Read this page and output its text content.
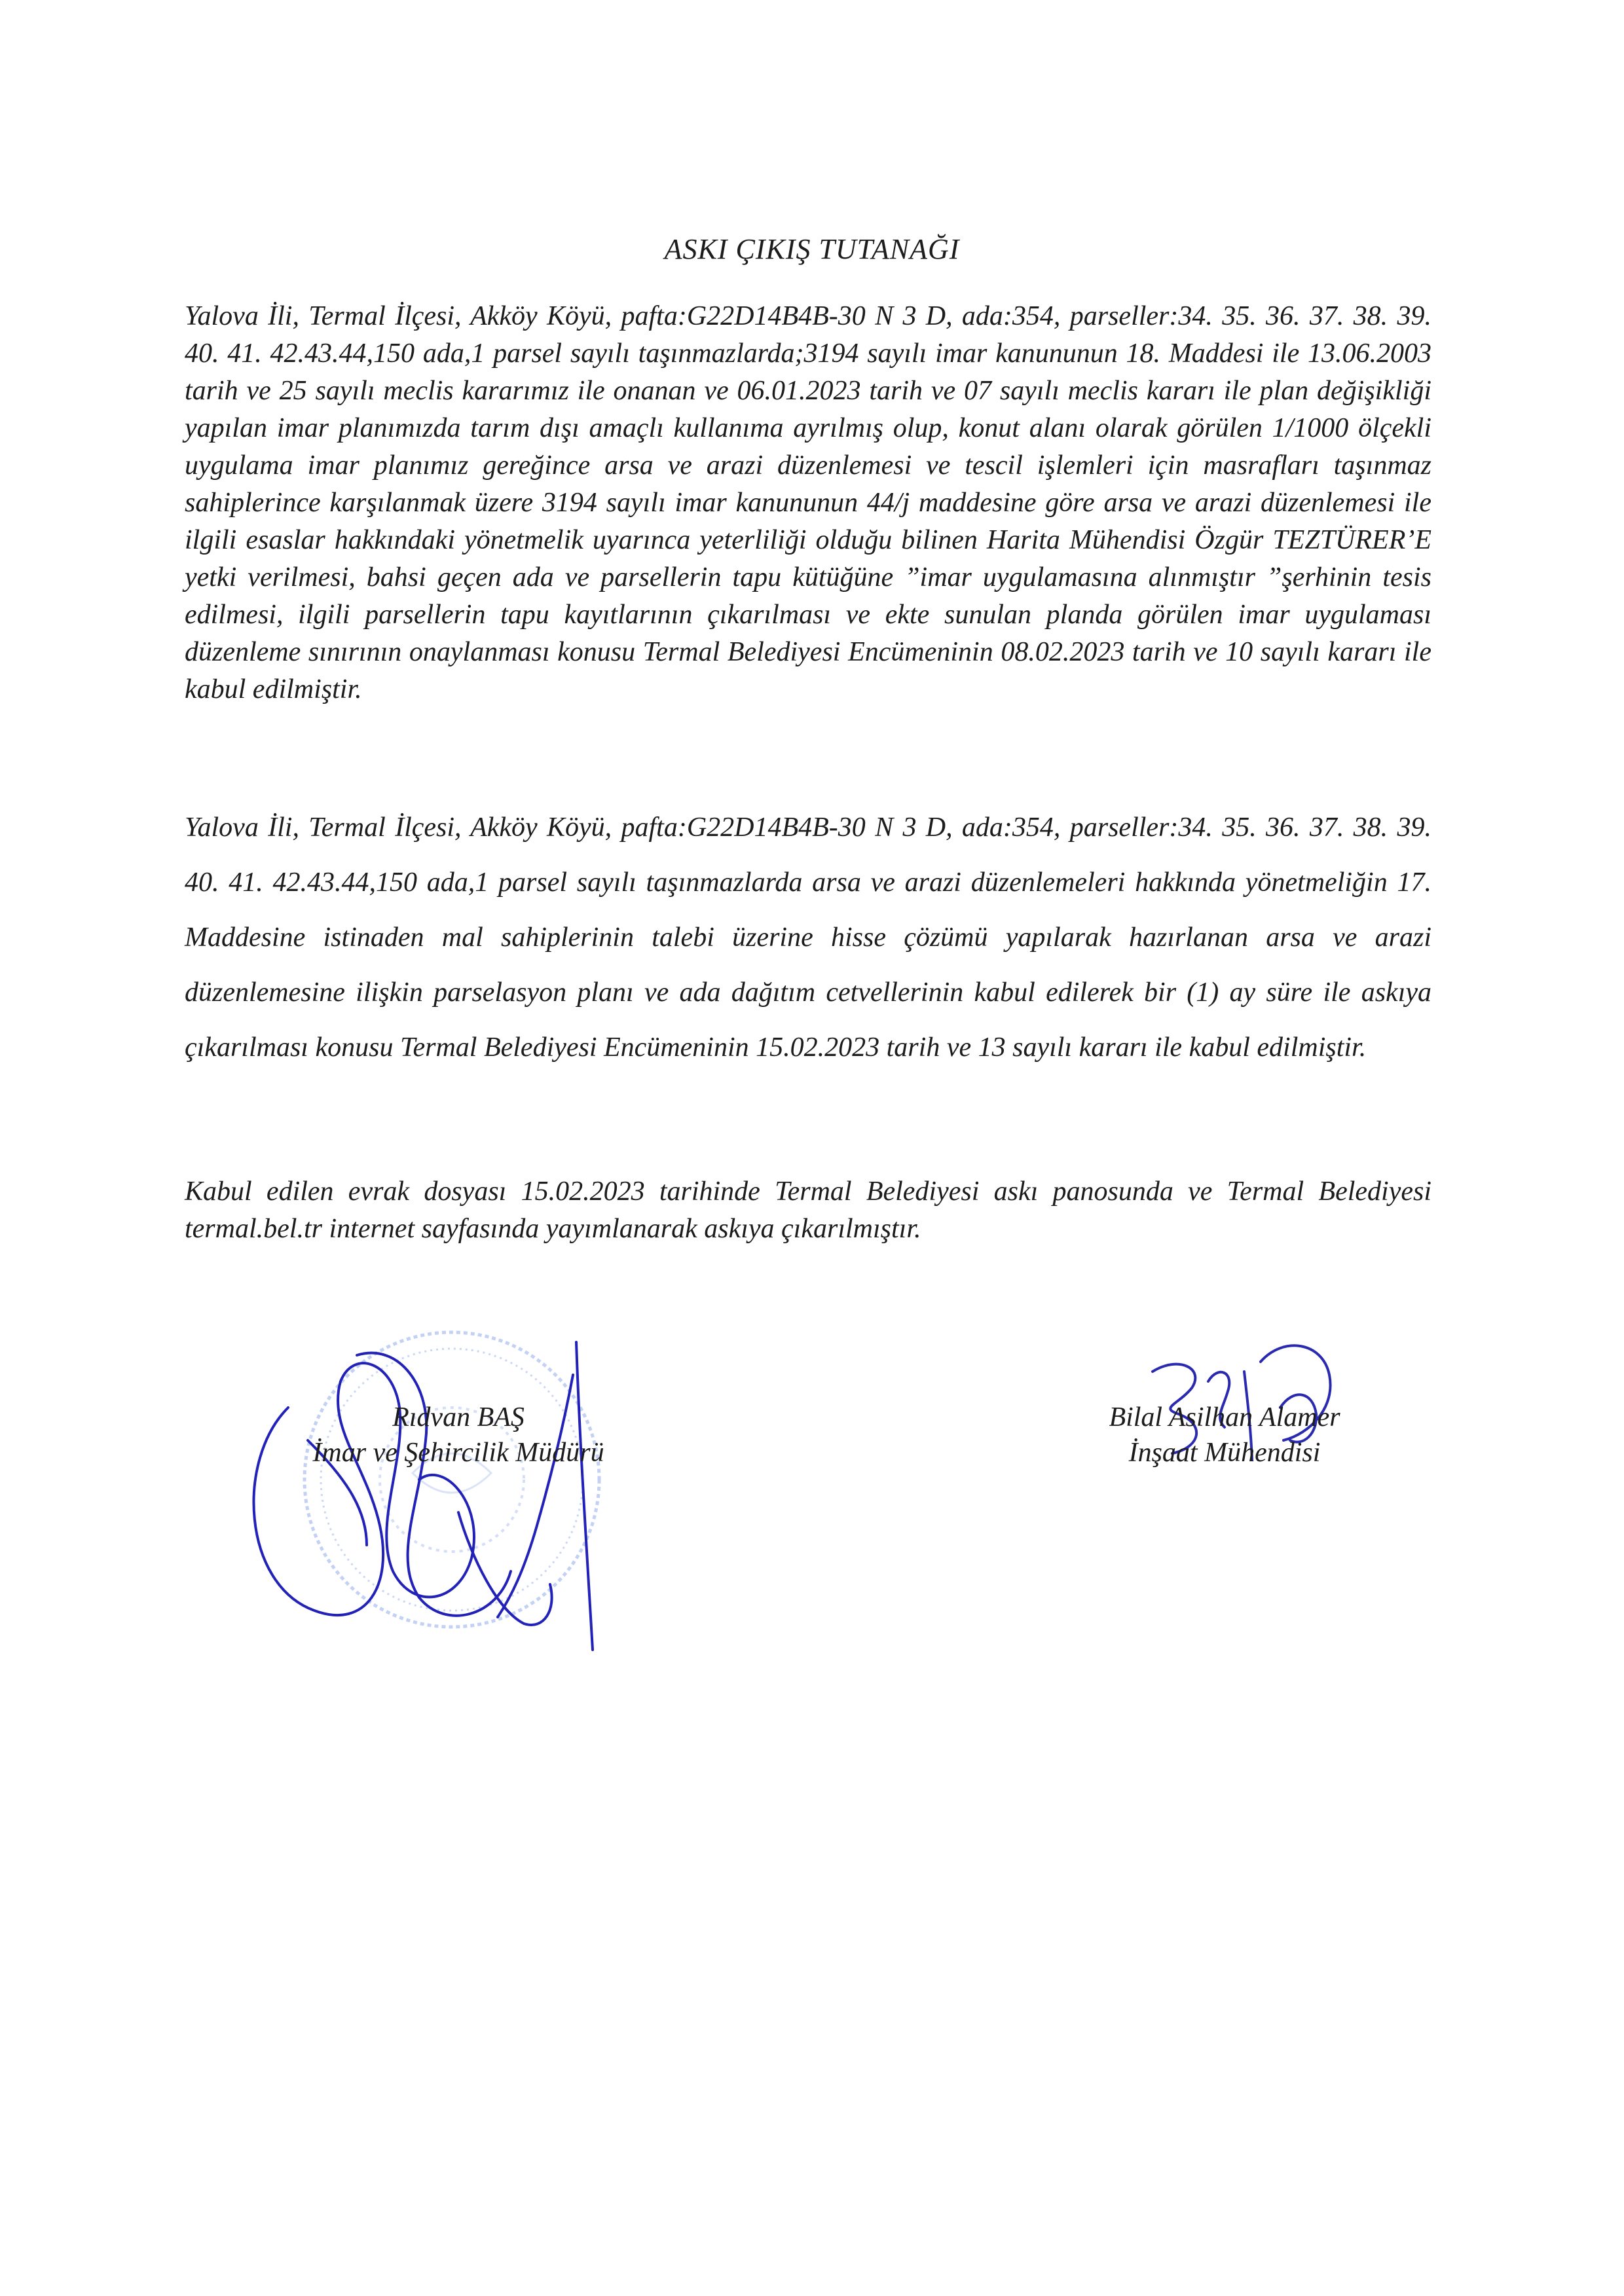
ASKI ÇIKIŞ TUTANAĞI

Yalova İli, Termal İlçesi, Akköy Köyü, pafta:G22D14B4B-30 N 3 D, ada:354, parseller:34. 35. 36. 37. 38. 39. 40. 41. 42.43.44,150 ada,1 parsel sayılı taşınmazlarda;3194 sayılı imar kanununun 18. Maddesi ile 13.06.2003 tarih ve 25 sayılı meclis kararımız ile onanan ve 06.01.2023 tarih ve 07 sayılı meclis kararı ile plan değişikliği yapılan imar planımızda tarım dışı amaçlı kullanıma ayrılmış olup, konut alanı olarak görülen 1/1000 ölçekli uygulama imar planımız gereğince arsa ve arazi düzenlemesi ve tescil işlemleri için masrafları taşınmaz sahiplerince karşılanmak üzere 3194 sayılı imar kanununun 44/j maddesine göre arsa ve arazi düzenlemesi ile ilgili esaslar hakkındaki yönetmelik uyarınca yeterliliği olduğu bilinen Harita Mühendisi Özgür TEZTÜRER’E yetki verilmesi, bahsi geçen ada ve parsellerin tapu kütüğüne ”imar uygulamasına alınmıştır ”şerhinin tesis edilmesi, ilgili parsellerin tapu kayıtlarının çıkarılması ve ekte sunulan planda görülen imar uygulaması düzenleme sınırının onaylanması konusu Termal Belediyesi Encümeninin 08.02.2023 tarih ve 10 sayılı kararı ile kabul edilmiştir.

Yalova İli, Termal İlçesi, Akköy Köyü, pafta:G22D14B4B-30 N 3 D, ada:354, parseller:34. 35. 36. 37. 38. 39. 40. 41. 42.43.44,150 ada,1 parsel sayılı taşınmazlarda arsa ve arazi düzenlemeleri hakkında yönetmeliğin 17. Maddesine istinaden mal sahiplerinin talebi üzerine hisse çözümü yapılarak hazırlanan arsa ve arazi düzenlemesine ilişkin parselasyon planı ve ada dağıtım cetvellerinin kabul edilerek bir (1) ay süre ile askıya çıkarılması konusu Termal Belediyesi Encümeninin 15.02.2023 tarih ve 13 sayılı kararı ile kabul edilmiştir.

Kabul edilen evrak dosyası 15.02.2023 tarihinde Termal Belediyesi askı panosunda ve Termal Belediyesi termal.bel.tr internet sayfasında yayımlanarak askıya çıkarılmıştır.

Rıdvan BAŞ
İmar ve Şehircilik Müdürü
Bilal Asilhan Alamer
İnşaat Mühendisi
